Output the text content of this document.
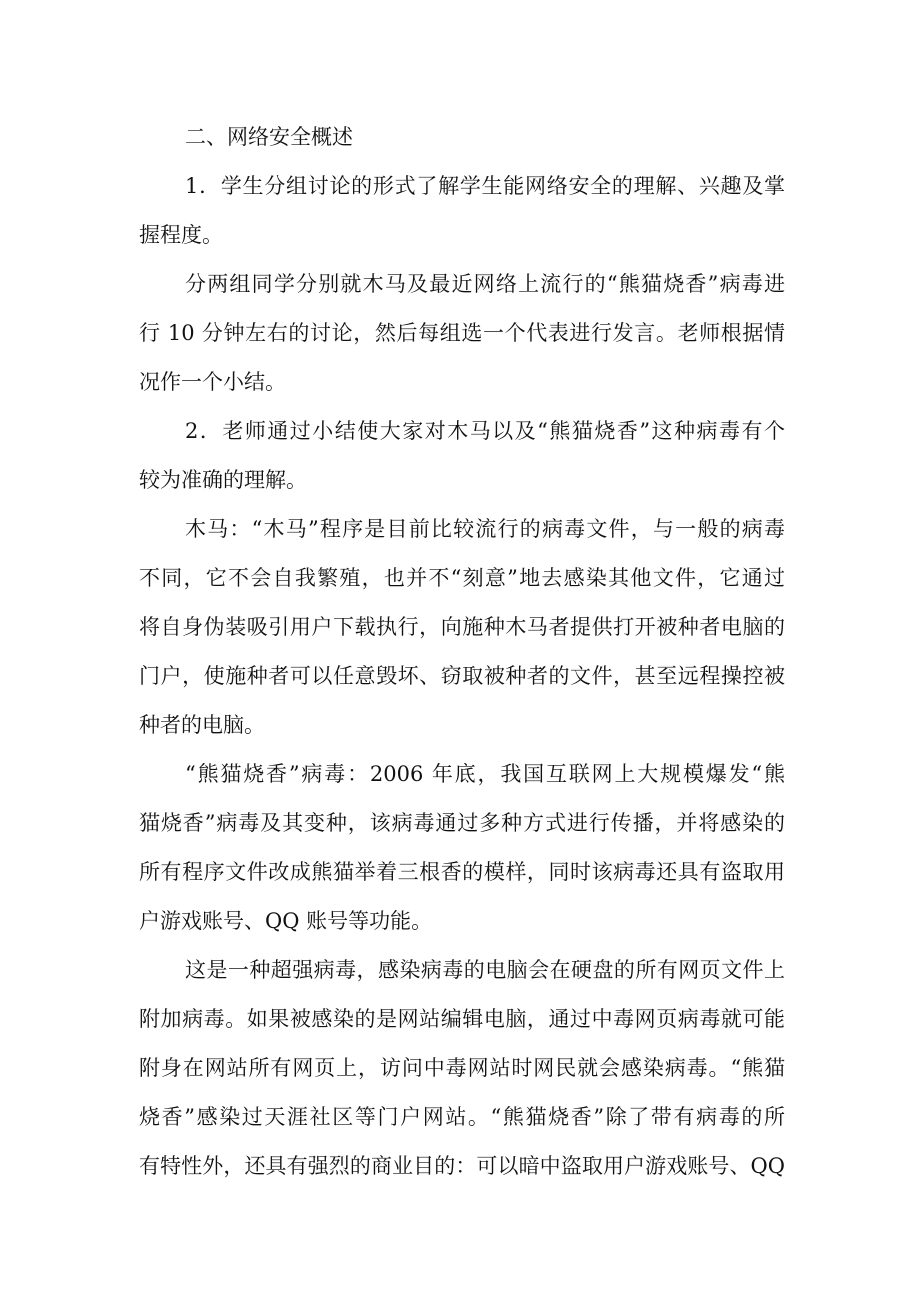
二、网络安全概述
1．学生分组讨论的形式了解学生能网络安全的理解、兴趣及掌
握程度。
分两组同学分别就木马及最近网络上流行的“熊猫烧香”病毒进
行 10 分钟左右的讨论，然后每组选一个代表进行发言。老师根据情
况作一个小结。
2．老师通过小结使大家对木马以及“熊猫烧香”这种病毒有个
较为准确的理解。
木马：“木马”程序是目前比较流行的病毒文件，与一般的病毒
不同，它不会自我繁殖，也并不“刻意”地去感染其他文件，它通过
将自身伪装吸引用户下载执行，向施种木马者提供打开被种者电脑的
门户，使施种者可以任意毁坏、窃取被种者的文件，甚至远程操控被
种者的电脑。
“熊猫烧香”病毒：2006 年底，我国互联网上大规模爆发“熊
猫烧香”病毒及其变种，该病毒通过多种方式进行传播，并将感染的
所有程序文件改成熊猫举着三根香的模样，同时该病毒还具有盗取用
户游戏账号、QQ 账号等功能。
这是一种超强病毒，感染病毒的电脑会在硬盘的所有网页文件上
附加病毒。如果被感染的是网站编辑电脑，通过中毒网页病毒就可能
附身在网站所有网页上，访问中毒网站时网民就会感染病毒。“熊猫
烧香”感染过天涯社区等门户网站。“熊猫烧香”除了带有病毒的所
有特性外，还具有强烈的商业目的：可以暗中盗取用户游戏账号、QQ
